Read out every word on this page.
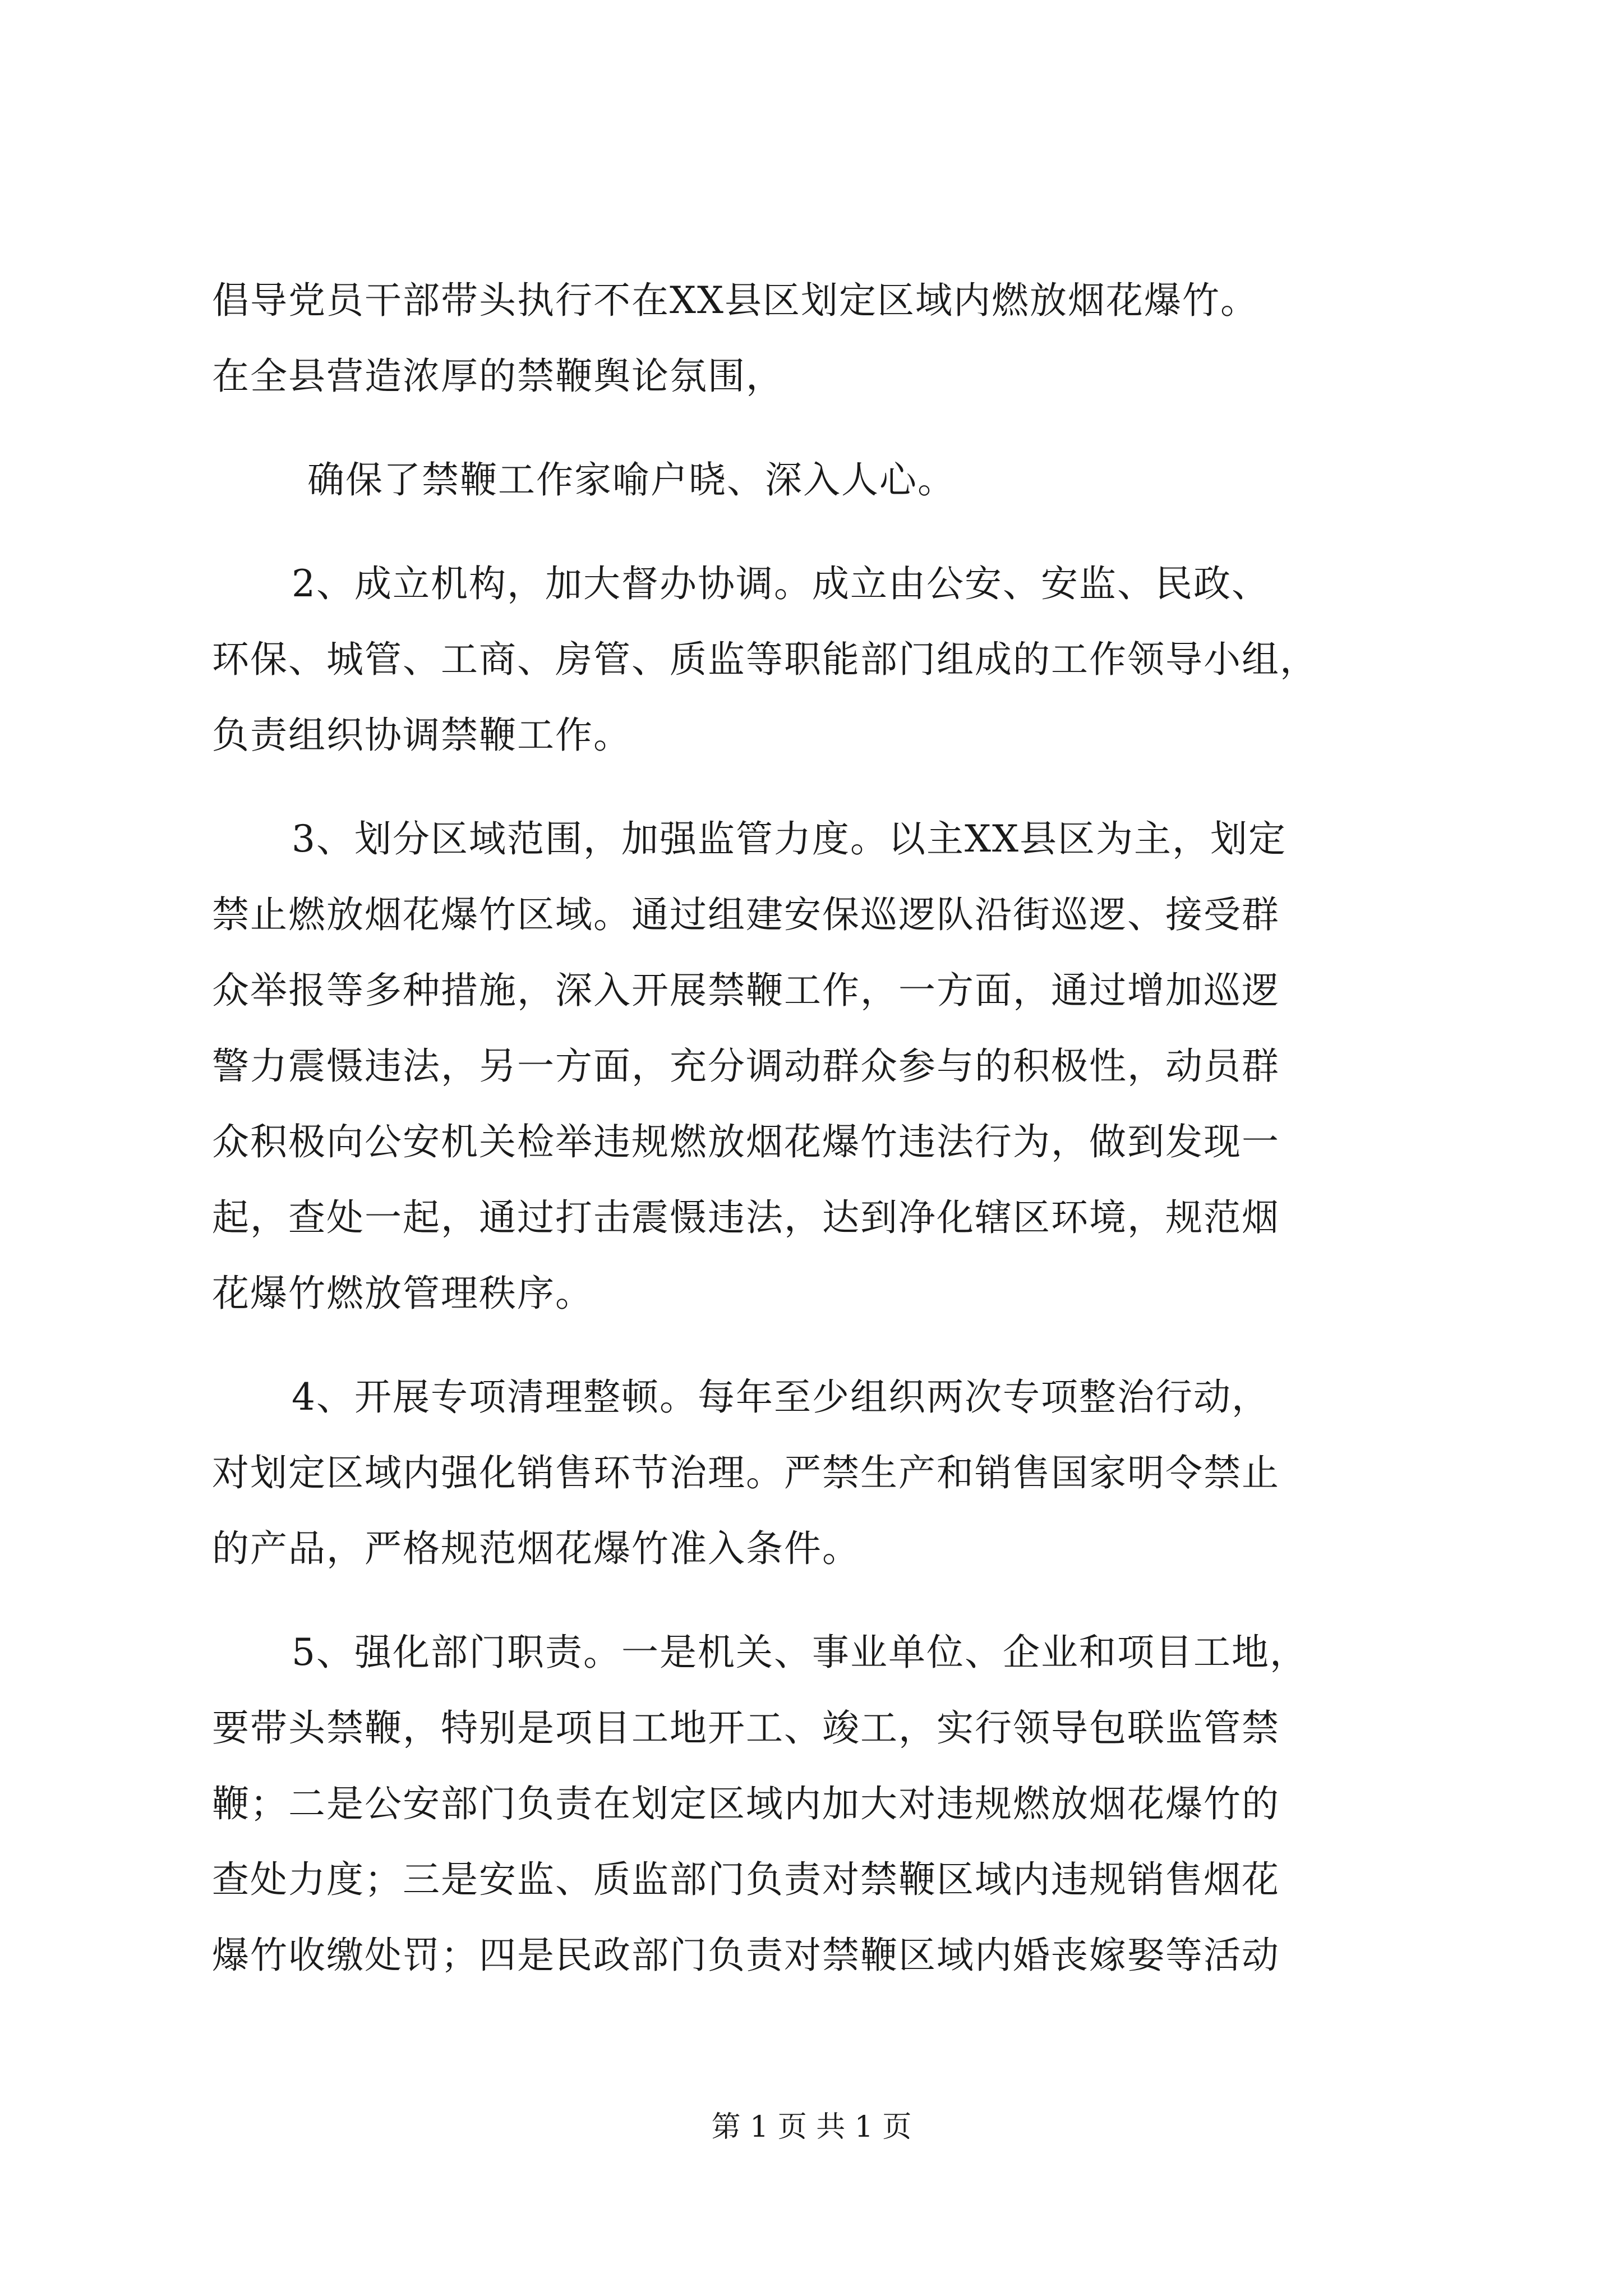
倡导党员干部带头执行不在XX县区划定区域内燃放烟花爆竹。
在全县营造浓厚的禁鞭舆论氛围，
确保了禁鞭工作家喻户晓、深入人心。
2、成立机构，加大督办协调。成立由公安、安监、民政、
环保、城管、工商、房管、质监等职能部门组成的工作领导小组，
负责组织协调禁鞭工作。
3、划分区域范围，加强监管力度。以主XX县区为主，划定
禁止燃放烟花爆竹区域。通过组建安保巡逻队沿街巡逻、接受群
众举报等多种措施，深入开展禁鞭工作，一方面，通过增加巡逻
警力震慑违法，另一方面，充分调动群众参与的积极性，动员群
众积极向公安机关检举违规燃放烟花爆竹违法行为，做到发现一
起，查处一起，通过打击震慑违法，达到净化辖区环境，规范烟
花爆竹燃放管理秩序。
4、开展专项清理整顿。每年至少组织两次专项整治行动，
对划定区域内强化销售环节治理。严禁生产和销售国家明令禁止
的产品，严格规范烟花爆竹准入条件。
5、强化部门职责。一是机关、事业单位、企业和项目工地，
要带头禁鞭，特别是项目工地开工、竣工，实行领导包联监管禁
鞭；二是公安部门负责在划定区域内加大对违规燃放烟花爆竹的
查处力度；三是安监、质监部门负责对禁鞭区域内违规销售烟花
爆竹收缴处罚；四是民政部门负责对禁鞭区域内婚丧嫁娶等活动
第 1 页 共 1 页
